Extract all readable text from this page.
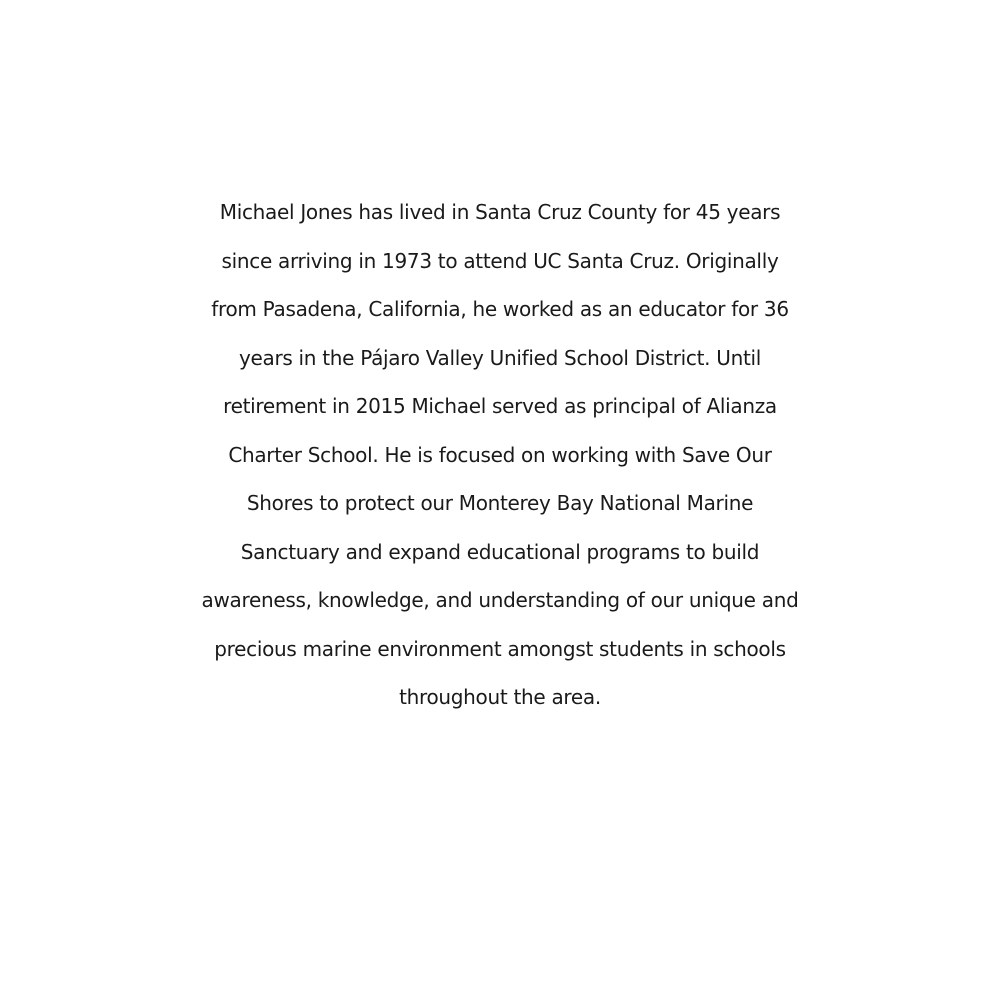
Michael Jones has lived in Santa Cruz County for 45 years
since arriving in 1973 to attend UC Santa Cruz. Originally
from Pasadena, California, he worked as an educator for 36
years in the Pájaro Valley Unified School District. Until
retirement in 2015 Michael served as principal of Alianza
Charter School. He is focused on working with Save Our
Shores to protect our Monterey Bay National Marine
Sanctuary and expand educational programs to build
awareness, knowledge, and understanding of our unique and
precious marine environment amongst students in schools
throughout the area.
